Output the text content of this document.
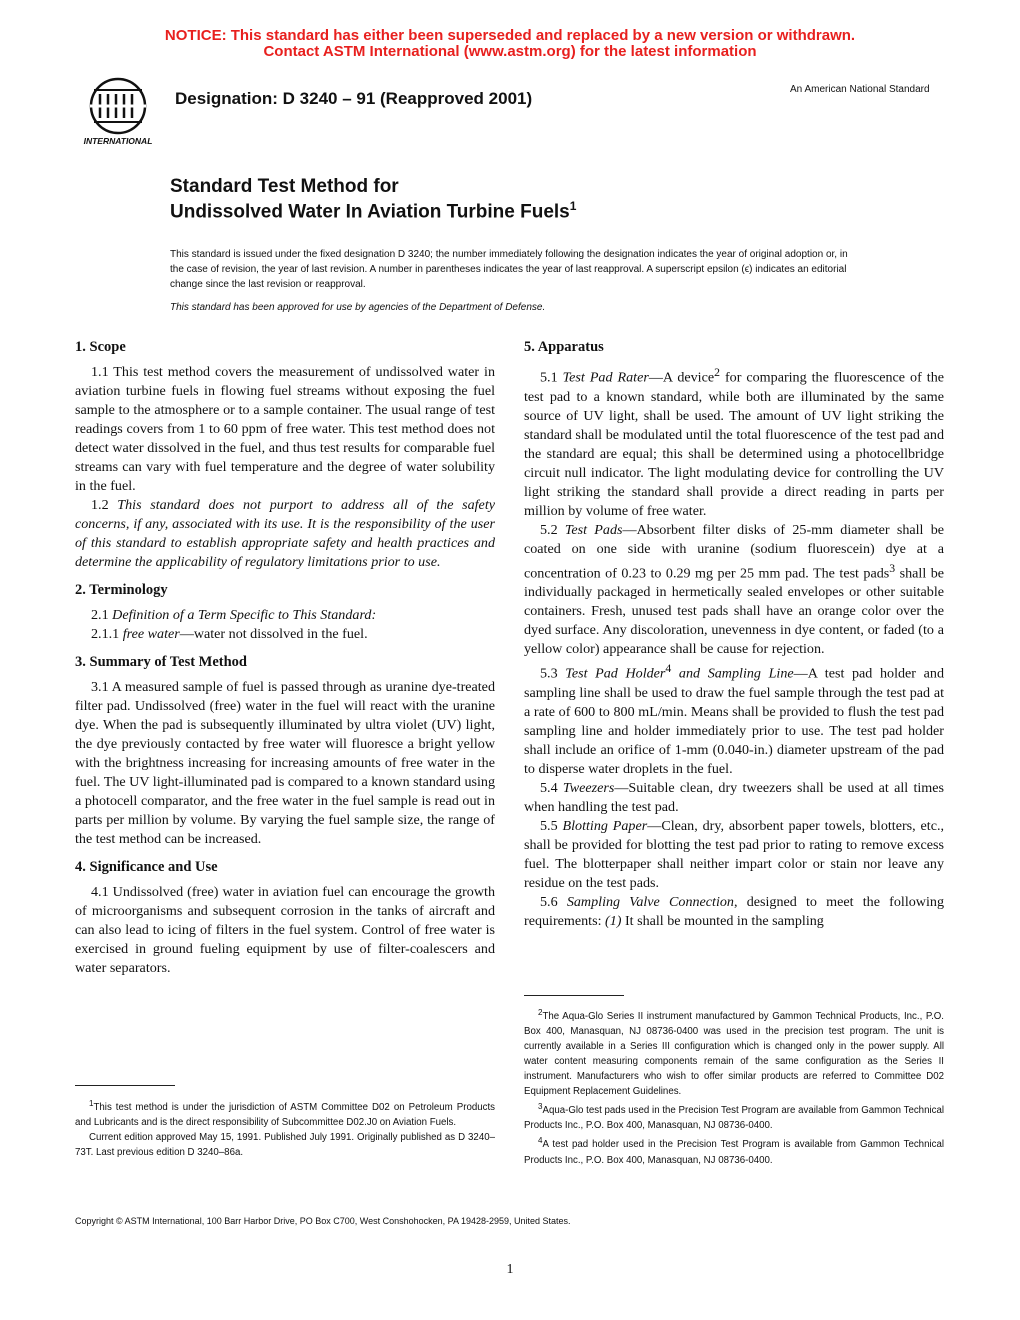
NOTICE: This standard has either been superseded and replaced by a new version or withdrawn.
Contact ASTM International (www.astm.org) for the latest information
INTERNATIONAL
Designation: D 3240 – 91 (Reapproved 2001)	An American National Standard
Standard Test Method for
Undissolved Water In Aviation Turbine Fuels$^1$
This standard is issued under the fixed designation D 3240; the number immediately following the designation indicates the year of original adoption or, in the case of revision, the year of last revision. A number in parentheses indicates the year of last reapproval. A superscript epsilon (ϵ) indicates an editorial change since the last revision or reapproval.
This standard has been approved for use by agencies of the Department of Defense.
1. Scope

1.1 This test method covers the measurement of undissolved water in aviation turbine fuels in flowing fuel streams without exposing the fuel sample to the atmosphere or to a sample container. The usual range of test readings covers from 1 to 60 ppm of free water. This test method does not detect water dissolved in the fuel, and thus test results for comparable fuel streams can vary with fuel temperature and the degree of water solubility in the fuel.

1.2 This standard does not purport to address all of the safety concerns, if any, associated with its use. It is the responsibility of the user of this standard to establish appropriate safety and health practices and determine the applicability of regulatory limitations prior to use.

2. Terminology

2.1 Definition of a Term Specific to This Standard:

2.1.1 free water—water not dissolved in the fuel.

3. Summary of Test Method

3.1 A measured sample of fuel is passed through as uranine dye-treated filter pad. Undissolved (free) water in the fuel will react with the uranine dye. When the pad is subsequently illuminated by ultra violet (UV) light, the dye previously contacted by free water will fluoresce a bright yellow with the brightness increasing for increasing amounts of free water in the fuel. The UV light-illuminated pad is compared to a known standard using a photocell comparator, and the free water in the fuel sample is read out in parts per million by volume. By varying the fuel sample size, the range of the test method can be increased.

4. Significance and Use

4.1 Undissolved (free) water in aviation fuel can encourage the growth of microorganisms and subsequent corrosion in the tanks of aircraft and can also lead to icing of filters in the fuel system. Control of free water is exercised in ground fueling equipment by use of filter-coalescers and water separators.

$^1$This test method is under the jurisdiction of ASTM Committee D02 on Petroleum Products and Lubricants and is the direct responsibility of Subcommittee D02.J0 on Aviation Fuels.

Current edition approved May 15, 1991. Published July 1991. Originally published as D 3240–73T. Last previous edition D 3240–86a.

5. Apparatus

5.1 Test Pad Rater—A device$^2$ for comparing the fluorescence of the test pad to a known standard, while both are illuminated by the same source of UV light, shall be used. The amount of UV light striking the standard shall be modulated until the total fluorescence of the test pad and the standard are equal; this shall be determined using a photocellbridge circuit null indicator. The light modulating device for controlling the UV light striking the standard shall provide a direct reading in parts per million by volume of free water.

5.2 Test Pads—Absorbent filter disks of 25-mm diameter shall be coated on one side with uranine (sodium fluorescein) dye at a concentration of 0.23 to 0.29 mg per 25 mm pad. The test pads$^3$ shall be individually packaged in hermetically sealed envelopes or other suitable containers. Fresh, unused test pads shall have an orange color over the dyed surface. Any discoloration, unevenness in dye content, or faded (to a yellow color) appearance shall be cause for rejection.

5.3 Test Pad Holder$^4$ and Sampling Line—A test pad holder and sampling line shall be used to draw the fuel sample through the test pad at a rate of 600 to 800 mL/min. Means shall be provided to flush the test pad sampling line and holder immediately prior to use. The test pad holder shall include an orifice of 1-mm (0.040-in.) diameter upstream of the pad to disperse water droplets in the fuel.

5.4 Tweezers—Suitable clean, dry tweezers shall be used at all times when handling the test pad.

5.5 Blotting Paper—Clean, dry, absorbent paper towels, blotters, etc., shall be provided for blotting the test pad prior to rating to remove excess fuel. The blotterpaper shall neither impart color or stain nor leave any residue on the test pads.

5.6 Sampling Valve Connection, designed to meet the following requirements: (1) It shall be mounted in the sampling

$^2$The Aqua-Glo Series II instrument manufactured by Gammon Technical Products, Inc., P.O. Box 400, Manasquan, NJ 08736-0400 was used in the precision test program. The unit is currently available in a Series III configuration which is changed only in the power supply. All water content measuring components remain of the same configuration as the Series II instrument. Manufacturers who wish to offer similar products are referred to Committee D02 Equipment Replacement Guidelines.

$^3$Aqua-Glo test pads used in the Precision Test Program are available from Gammon Technical Products Inc., P.O. Box 400, Manasquan, NJ 08736-0400.

$^4$A test pad holder used in the Precision Test Program is available from Gammon Technical Products Inc., P.O. Box 400, Manasquan, NJ 08736-0400.

Copyright © ASTM International, 100 Barr Harbor Drive, PO Box C700, West Conshohocken, PA 19428-2959, United States.
1
